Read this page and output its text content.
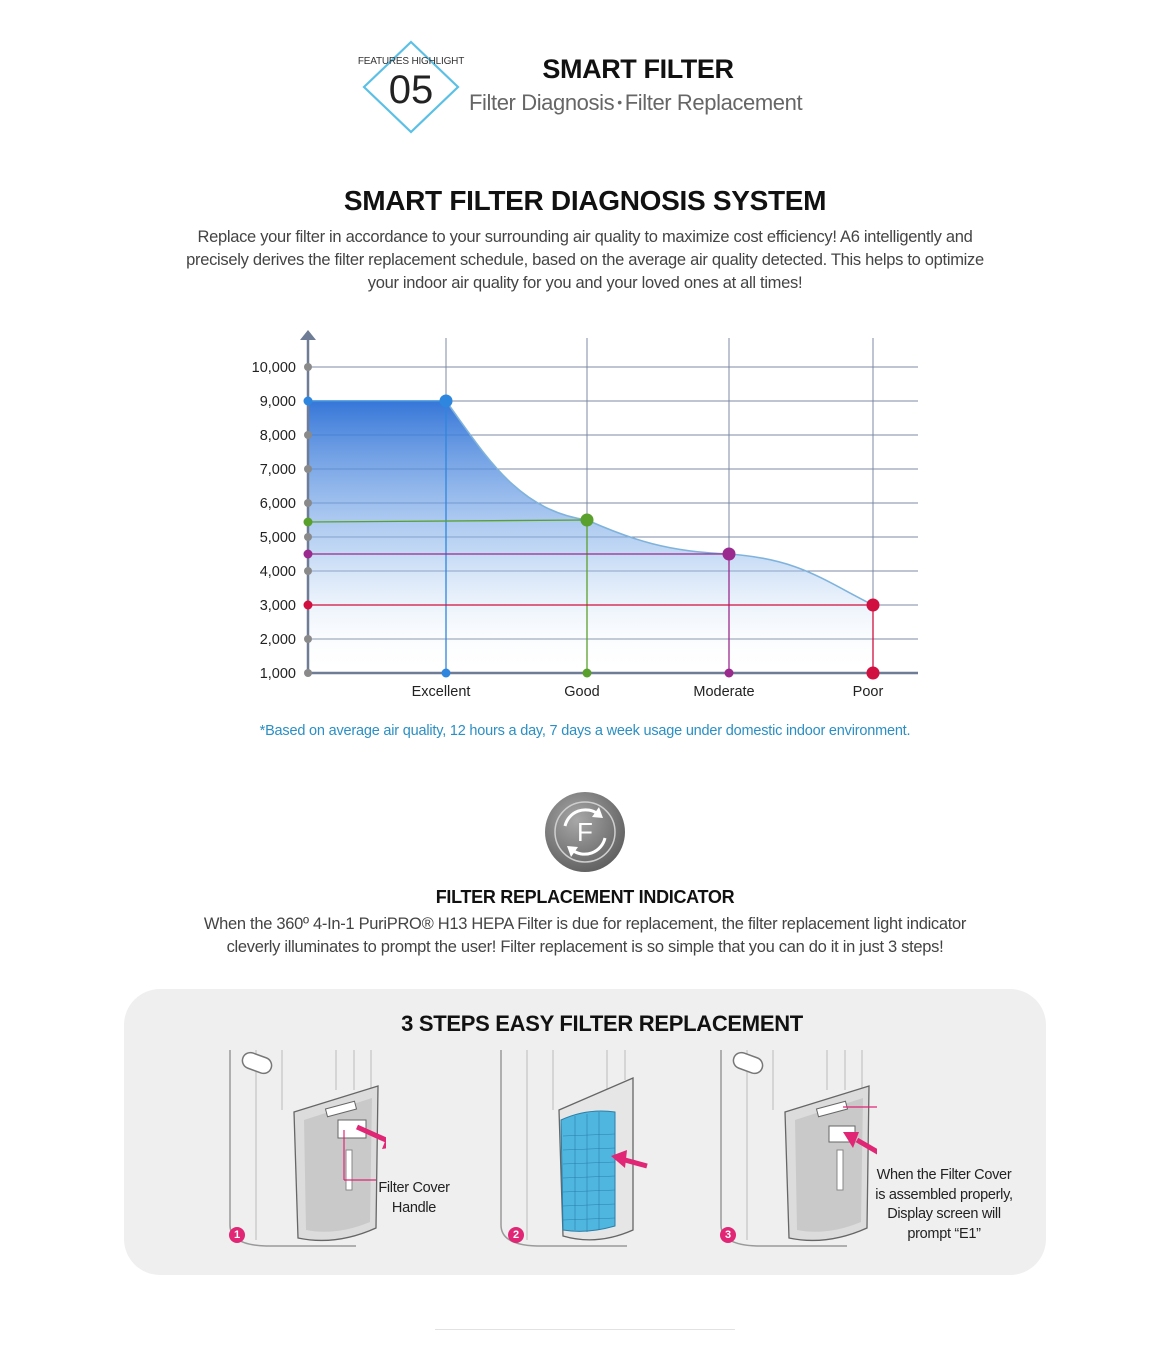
FEATURES HIGHLIGHT
05	SMART FILTER
Filter Diagnosis • Filter Replacement
SMART FILTER DIAGNOSIS SYSTEM
Replace your filter in accordance to your surrounding air quality to maximize cost efficiency! A6 intelligently and
precisely derives the filter replacement schedule, based on the average air quality detected. This helps to optimize
your indoor air quality for you and your loved ones at all times!
1,000
2,000
3,000
4,000
5,000
6,000
7,000
8,000
9,000
10,000
Excellent	Good	Moderate	Poor
*Based on average air quality, 12 hours a day, 7 days a week usage under domestic indoor environment.
F
FILTER REPLACEMENT INDICATOR
When the 360º 4-In-1 PuriPRO® H13 HEPA Filter is due for replacement, the filter replacement light indicator
cleverly illuminates to prompt the user! Filter replacement is so simple that you can do it in just 3 steps!
3 STEPS EASY FILTER REPLACEMENT
Filter Cover
Handle
1	2
When the Filter Cover
is assembled properly,
Display screen will
prompt “E1”
3
